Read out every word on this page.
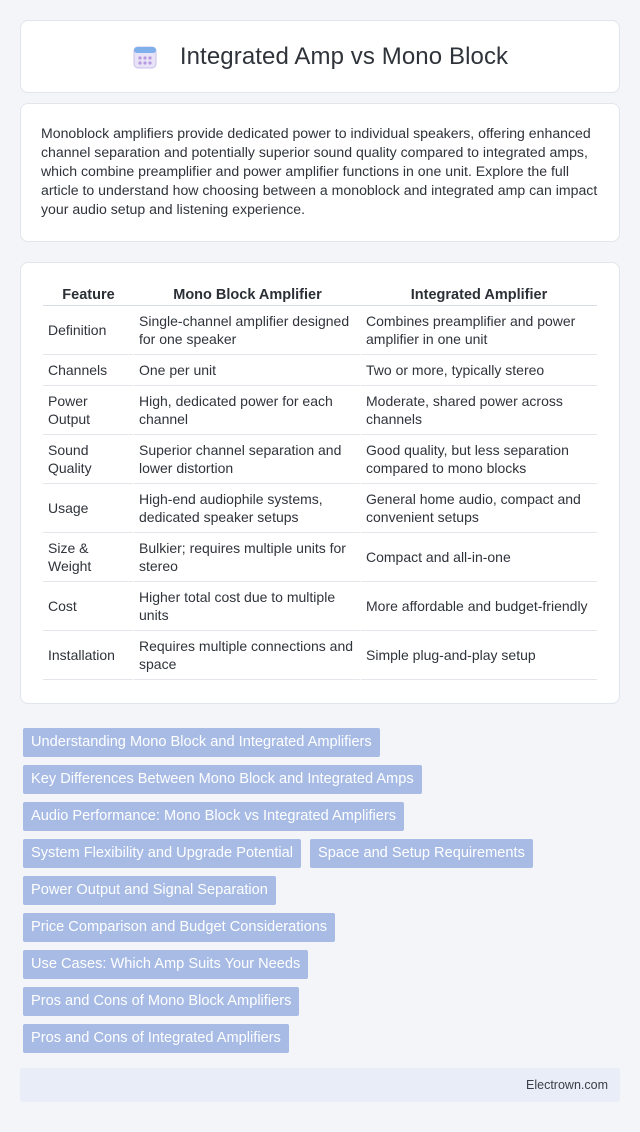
Integrated Amp vs Mono Block

Monoblock amplifiers provide dedicated power to individual speakers, offering enhanced channel separation and potentially superior sound quality compared to integrated amps, which combine preamplifier and power amplifier functions in one unit. Explore the full article to understand how choosing between a monoblock and integrated amp can impact your audio setup and listening experience.

Feature	Mono Block Amplifier	Integrated Amplifier
Definition	Single-channel amplifier designed for one speaker	Combines preamplifier and power amplifier in one unit
Channels	One per unit	Two or more, typically stereo
Power Output	High, dedicated power for each channel	Moderate, shared power across channels
Sound Quality	Superior channel separation and lower distortion	Good quality, but less separation compared to mono blocks
Usage	High-end audiophile systems, dedicated speaker setups	General home audio, compact and convenient setups
Size & Weight	Bulkier; requires multiple units for stereo	Compact and all-in-one
Cost	Higher total cost due to multiple units	More affordable and budget-friendly
Installation	Requires multiple connections and space	Simple plug-and-play setup
Understanding Mono Block and Integrated Amplifiers
Key Differences Between Mono Block and Integrated Amps
Audio Performance: Mono Block vs Integrated Amplifiers
System Flexibility and Upgrade Potential	Space and Setup Requirements
Power Output and Signal Separation
Price Comparison and Budget Considerations
Use Cases: Which Amp Suits Your Needs
Pros and Cons of Mono Block Amplifiers
Pros and Cons of Integrated Amplifiers
Electrown.com
